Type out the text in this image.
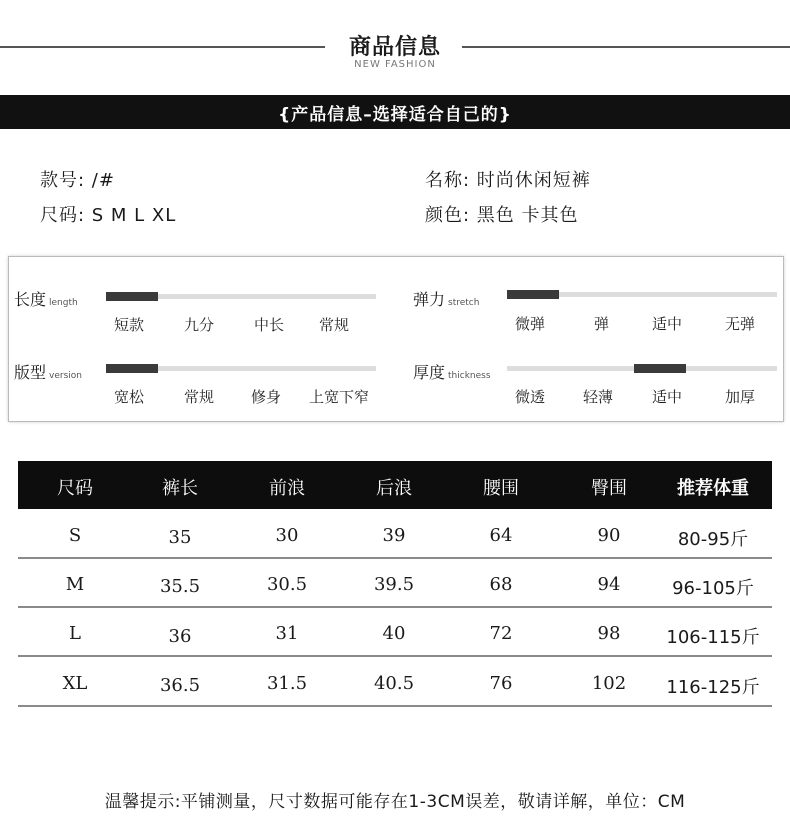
商品信息
NEW FASHION
{产品信息–选择适合自己的}
款号: /#
尺码: S M L XL
名称: 时尚休闲短裤
颜色: 黑色 卡其色
长度 length
短款	九分	中长 常规
弹力 stretch
微弹	弹	适中	无弹
版型 version
宽松	常规 修身 上宽下窄
厚度 thickness
微透	轻薄	适中	加厚
尺码	裤长	前浪	后浪	腰围	臀围	推荐体重
S	35	30	39	64	90	80-95斤
M	35.5	30.5	39.5	68	94	96-105斤
L	36	31	40	72	98	106-115斤
XL	36.5	31.5	40.5	76	102	116-125斤
温馨提示:平铺测量，尺寸数据可能存在1-3CM误差，敬请详解，单位：CM
